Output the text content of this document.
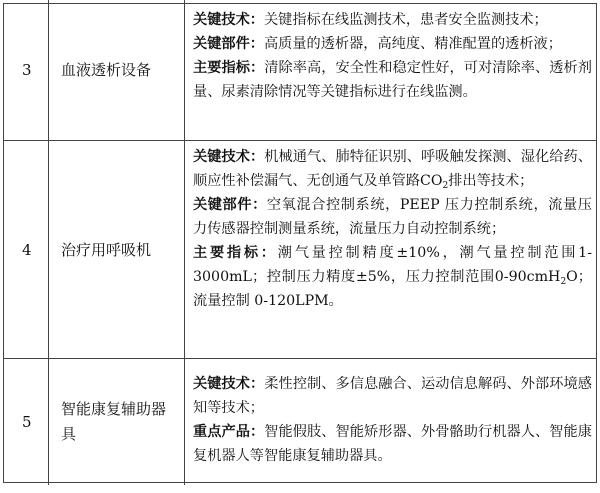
3	血液透析设备

关键技术：关键指标在线监测技术，患者安全监测技术；

关键部件：高质量的透析器，高纯度、精准配置的透析液；

主要指标：清除率高，安全性和稳定性好，可对清除率、透析剂量、尿素清除情况等关键指标进行在线监测。

4	治疗用呼吸机

关键技术：机械通气、肺特征识别、呼吸触发探测、湿化给药、顺应性补偿漏气、无创通气及单管路$CO_2$排出等技术；

关键部件：空氧混合控制系统，PEEP 压力控制系统，流量压力传感器控制测量系统，流量压力自动控制系统；

主要指标：潮气量控制精度±10%，潮气量控制范围1-3000mL；控制压力精度±5%，压力控制范围0-90cmH$_2$O；流量控制 0-120LPM。

5
智能康复辅助器具

关键技术：柔性控制、多信息融合、运动信息解码、外部环境感知等技术；

重点产品：智能假肢、智能矫形器、外骨骼助行机器人、智能康复机器人等智能康复辅助器具。
